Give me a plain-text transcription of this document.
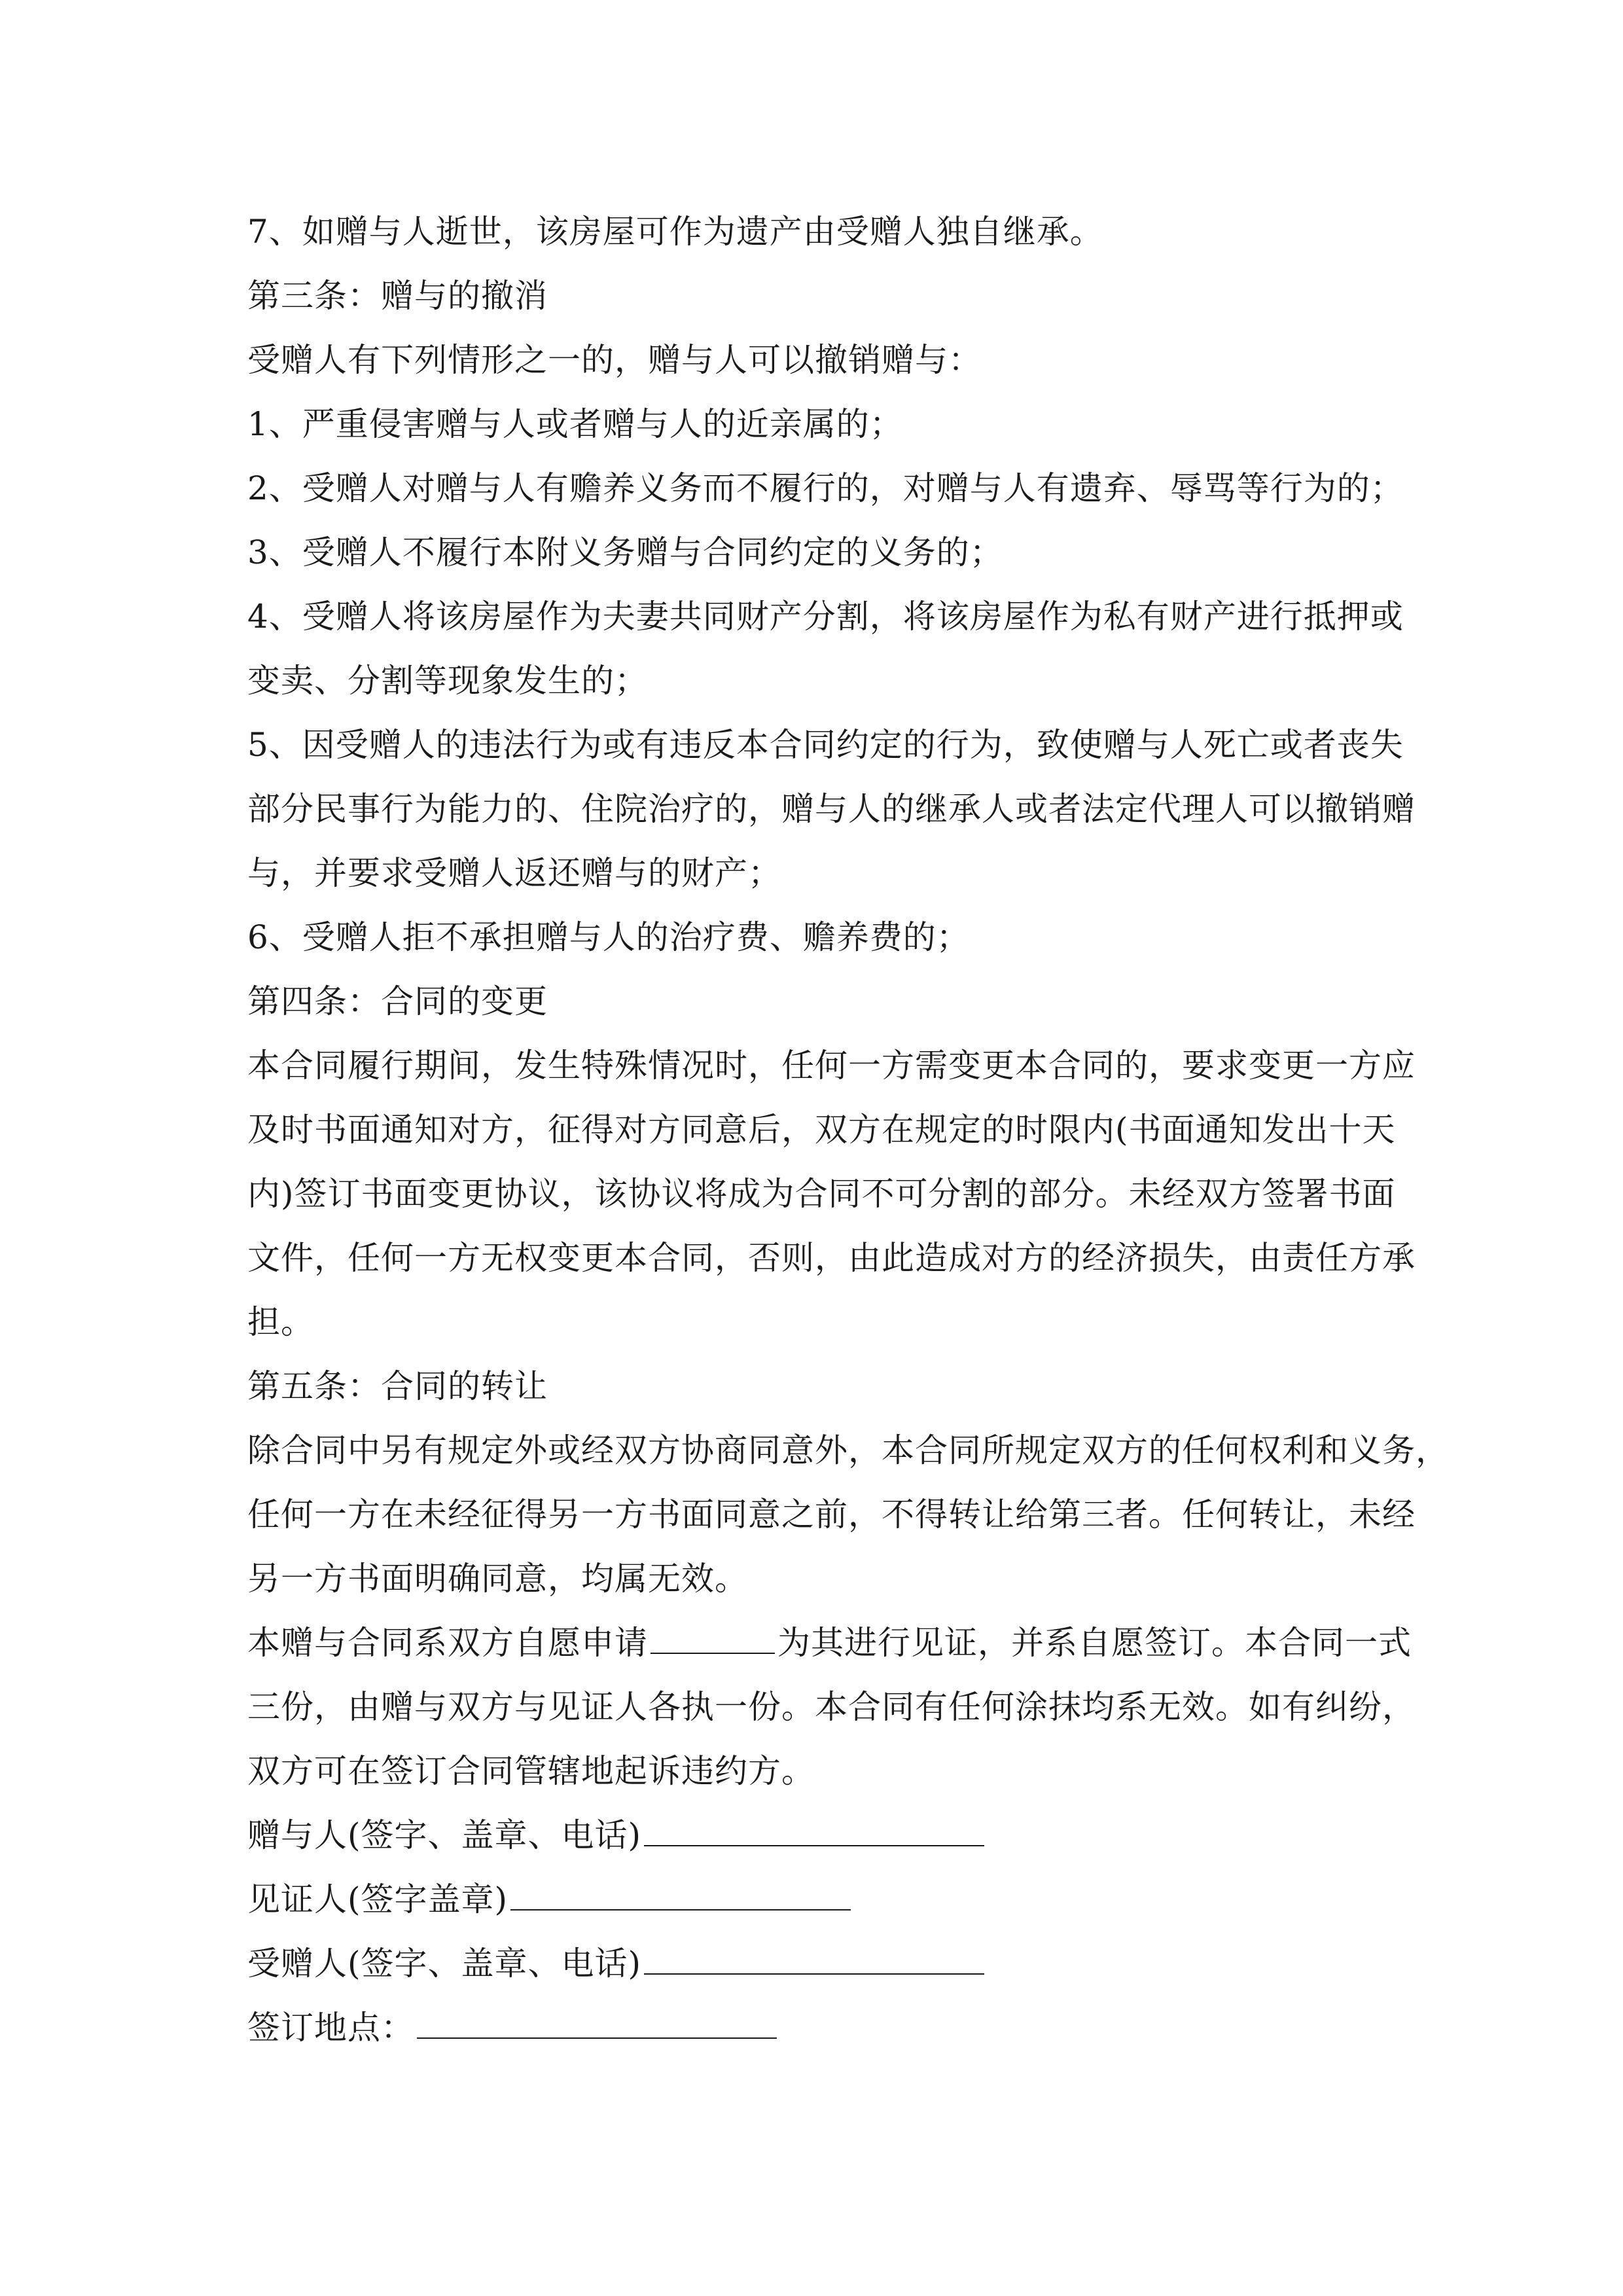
7、如赠与人逝世，该房屋可作为遗产由受赠人独自继承。
第三条：赠与的撤消
受赠人有下列情形之一的，赠与人可以撤销赠与：
1、严重侵害赠与人或者赠与人的近亲属的；
2、受赠人对赠与人有赡养义务而不履行的，对赠与人有遗弃、辱骂等行为的；
3、受赠人不履行本附义务赠与合同约定的义务的；
4、受赠人将该房屋作为夫妻共同财产分割，将该房屋作为私有财产进行抵押或
变卖、分割等现象发生的；
5、因受赠人的违法行为或有违反本合同约定的行为，致使赠与人死亡或者丧失
部分民事行为能力的、住院治疗的，赠与人的继承人或者法定代理人可以撤销赠
与，并要求受赠人返还赠与的财产；
6、受赠人拒不承担赠与人的治疗费、赡养费的；
第四条：合同的变更
本合同履行期间，发生特殊情况时，任何一方需变更本合同的，要求变更一方应
及时书面通知对方，征得对方同意后，双方在规定的时限内(书面通知发出十天
内)签订书面变更协议，该协议将成为合同不可分割的部分。未经双方签署书面
文件，任何一方无权变更本合同，否则，由此造成对方的经济损失，由责任方承
担。
第五条：合同的转让
除合同中另有规定外或经双方协商同意外，本合同所规定双方的任何权利和义务，
任何一方在未经征得另一方书面同意之前，不得转让给第三者。任何转让，未经
另一方书面明确同意，均属无效。
本赠与合同系双方自愿申请	为其进行见证，并系自愿签订。本合同一式
三份，由赠与双方与见证人各执一份。本合同有任何涂抹均系无效。如有纠纷，
双方可在签订合同管辖地起诉违约方。
赠与人(签字、盖章、电话)
见证人(签字盖章)
受赠人(签字、盖章、电话)
签订地点：
